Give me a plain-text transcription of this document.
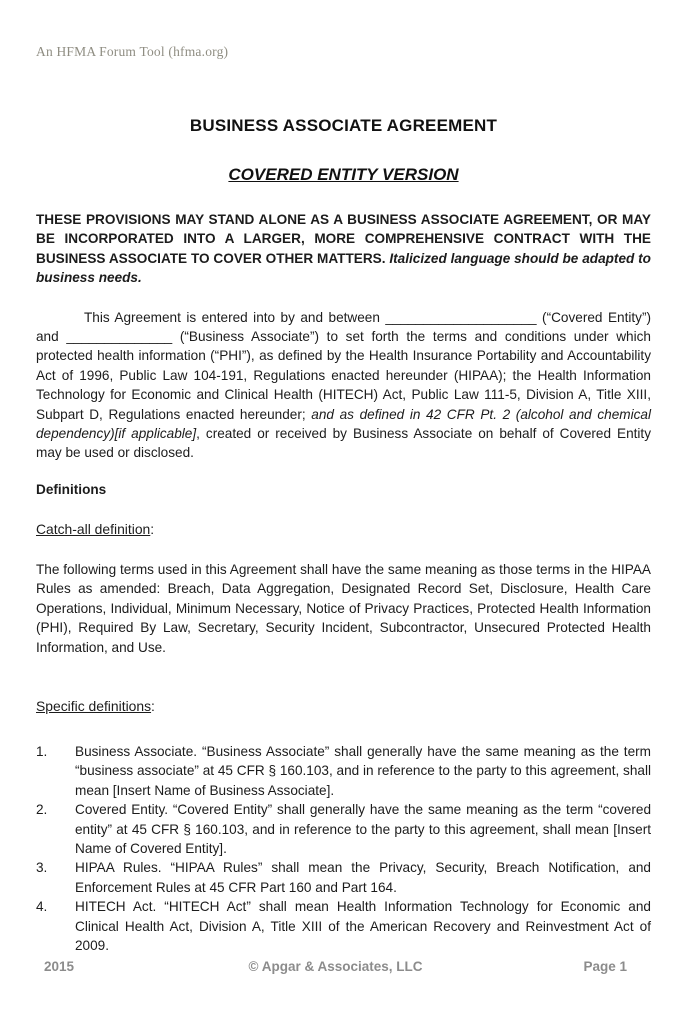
An HFMA Forum Tool (hfma.org)
BUSINESS ASSOCIATE AGREEMENT
COVERED ENTITY VERSION

THESE PROVISIONS MAY STAND ALONE AS A BUSINESS ASSOCIATE AGREEMENT, OR MAY BE INCORPORATED INTO A LARGER, MORE COMPREHENSIVE CONTRACT WITH THE BUSINESS ASSOCIATE TO COVER OTHER MATTERS. Italicized language should be adapted to business needs.

This Agreement is entered into by and between ____________________ (“Covered Entity”) and ______________ (“Business Associate”) to set forth the terms and conditions under which protected health information (“PHI”), as defined by the Health Insurance Portability and Accountability Act of 1996, Public Law 104-191, Regulations enacted hereunder (HIPAA); the Health Information Technology for Economic and Clinical Health (HITECH) Act, Public Law 111-5, Division A, Title XIII, Subpart D, Regulations enacted hereunder; and as defined in 42 CFR Pt. 2 (alcohol and chemical dependency)[if applicable], created or received by Business Associate on behalf of Covered Entity may be used or disclosed.

Definitions
Catch-all definition:

The following terms used in this Agreement shall have the same meaning as those terms in the HIPAA Rules as amended: Breach, Data Aggregation, Designated Record Set, Disclosure, Health Care Operations, Individual, Minimum Necessary, Notice of Privacy Practices, Protected Health Information (PHI), Required By Law, Secretary, Security Incident, Subcontractor, Unsecured Protected Health Information, and Use.

Specific definitions:
1.	Business Associate. “Business Associate” shall generally have the same meaning as the term “business associate” at 45 CFR § 160.103, and in reference to the party to this agreement, shall mean [Insert Name of Business Associate].
2.	Covered Entity. “Covered Entity” shall generally have the same meaning as the term “covered entity” at 45 CFR § 160.103, and in reference to the party to this agreement, shall mean [Insert Name of Covered Entity].
3.	HIPAA Rules. “HIPAA Rules” shall mean the Privacy, Security, Breach Notification, and Enforcement Rules at 45 CFR Part 160 and Part 164.
4.	HITECH Act. “HITECH Act” shall mean Health Information Technology for Economic and Clinical Health Act, Division A, Title XIII of the American Recovery and Reinvestment Act of 2009.
2015	© Apgar & Associates, LLC	Page 1
